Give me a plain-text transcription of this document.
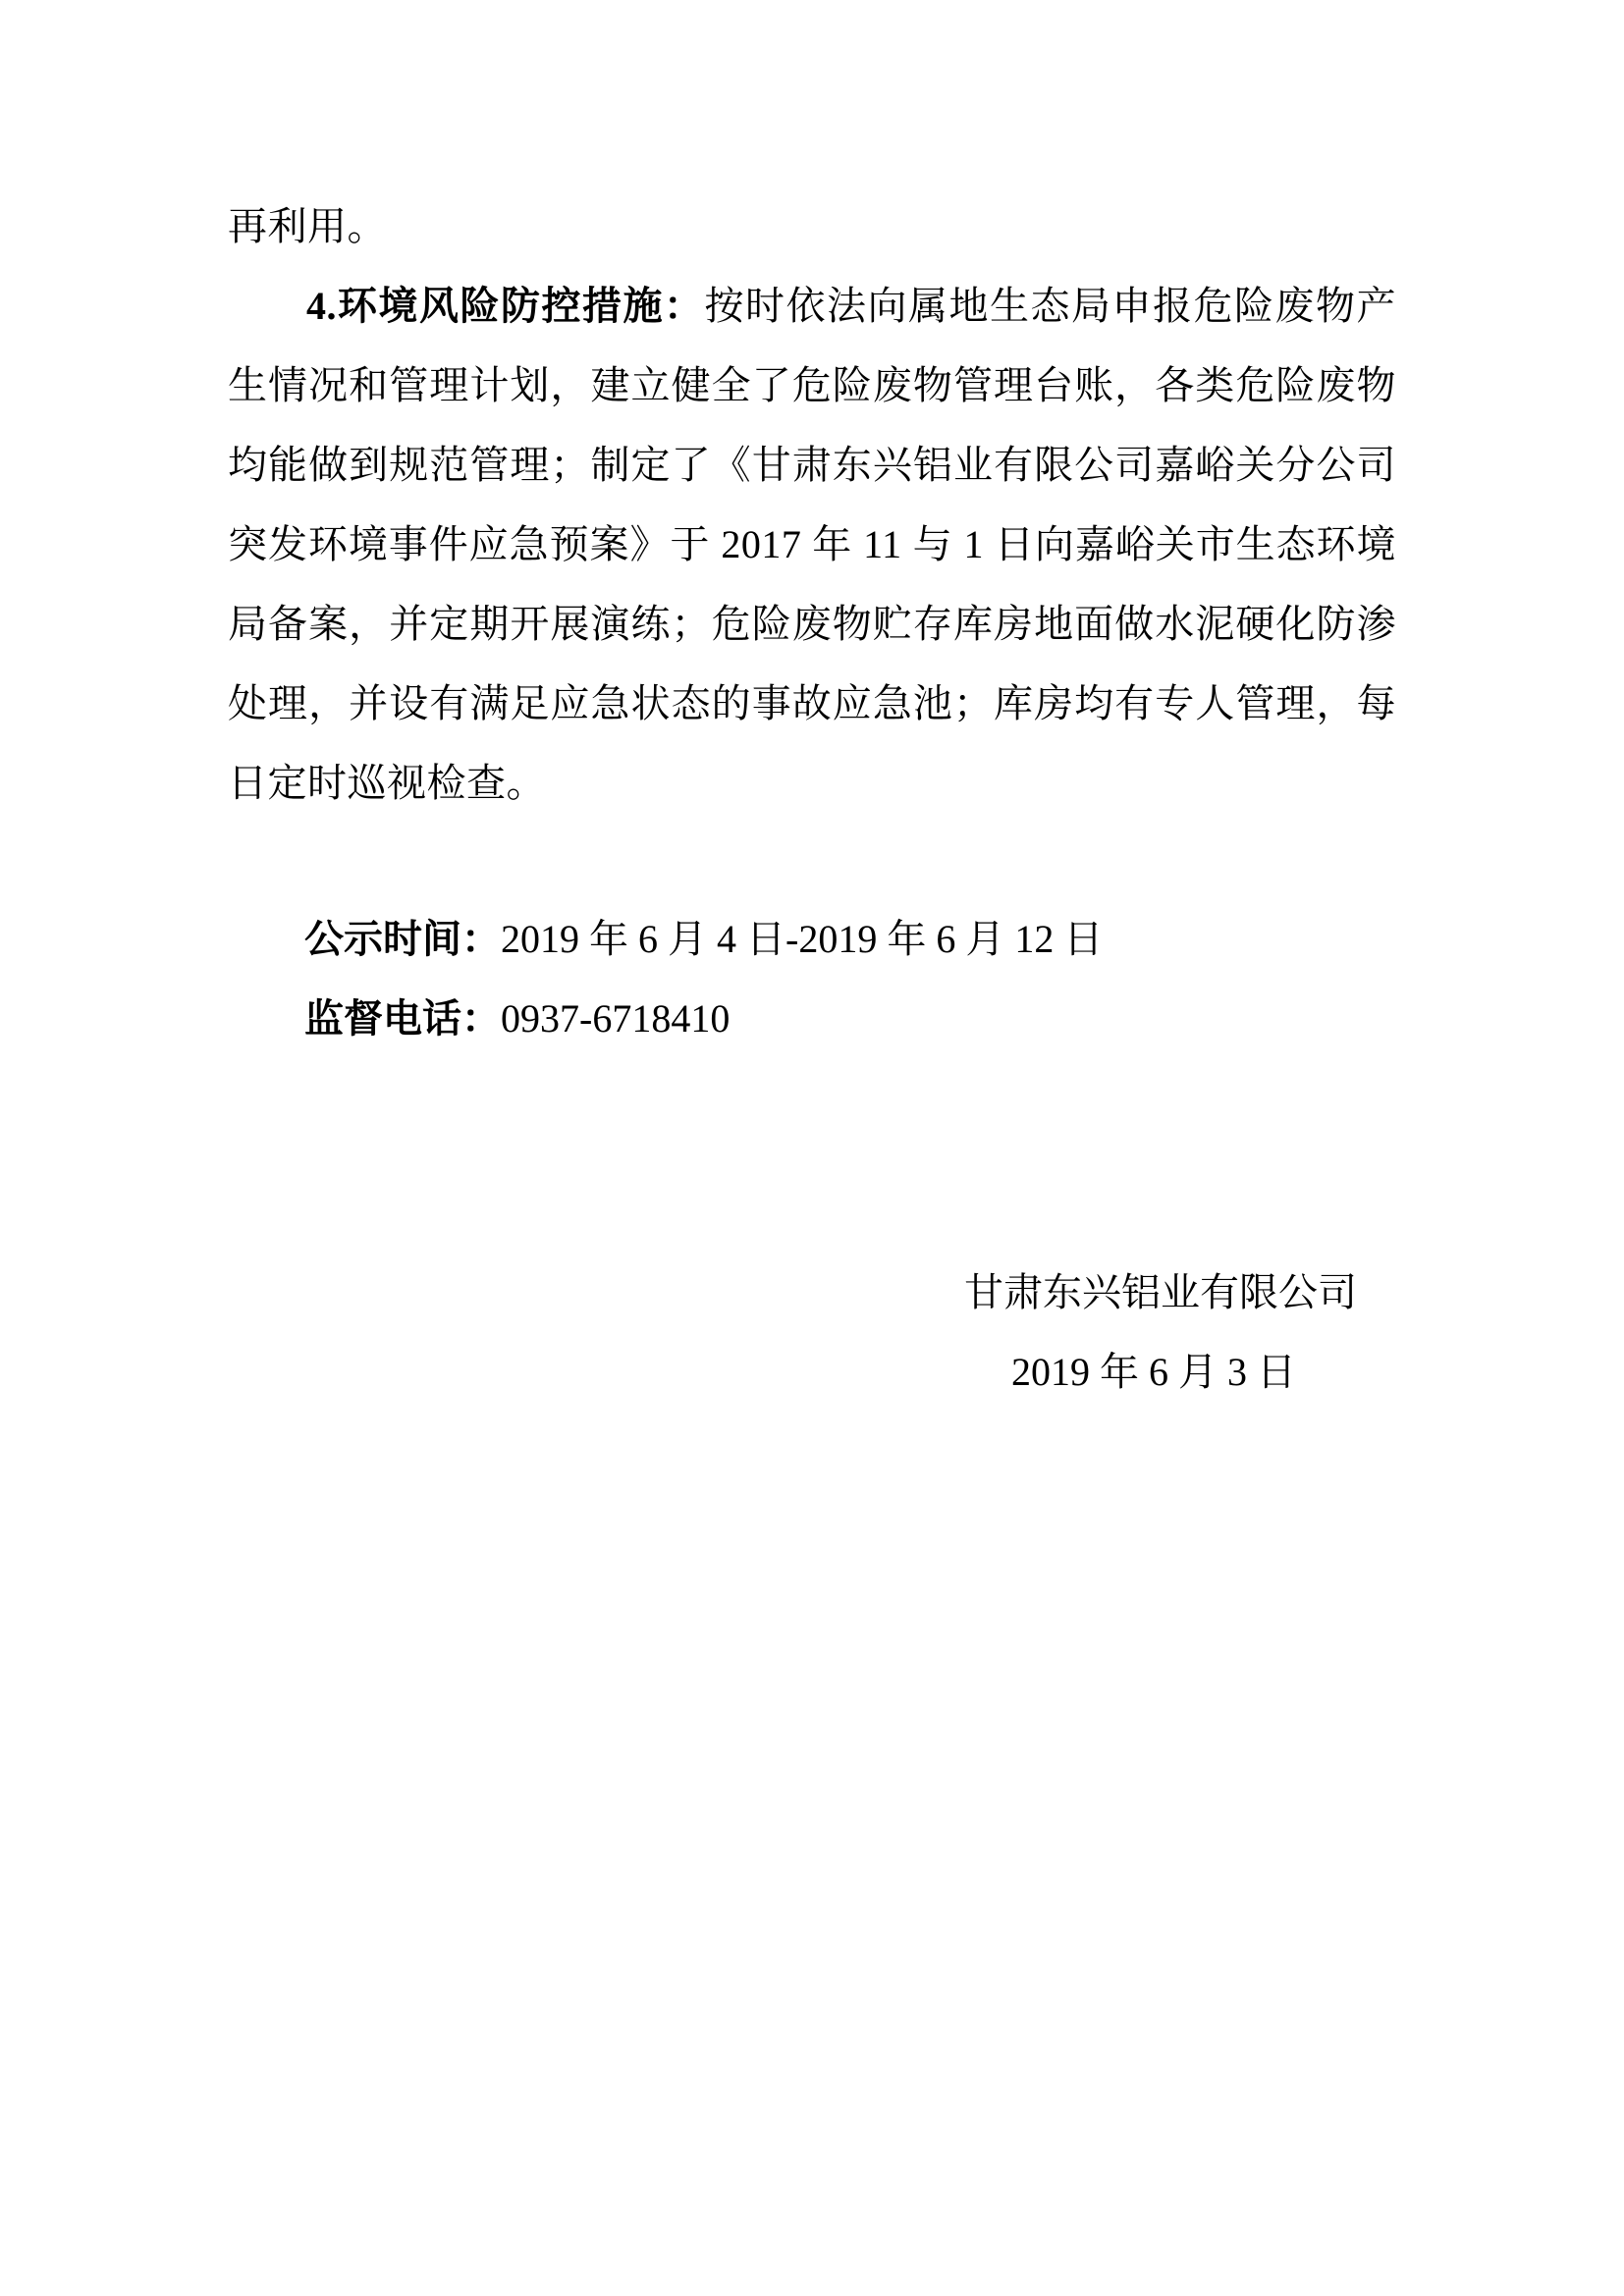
再利用。

4.环境风险防控措施：按时依法向属地生态局申报危险废物产生情况和管理计划，建立健全了危险废物管理台账，各类危险废物均能做到规范管理；制定了《甘肃东兴铝业有限公司嘉峪关分公司突发环境事件应急预案》于 2017 年 11 与 1 日向嘉峪关市生态环境局备案，并定期开展演练；危险废物贮存库房地面做水泥硬化防渗处理，并设有满足应急状态的事故应急池；库房均有专人管理，每日定时巡视检查。

公示时间：2019 年 6 月 4 日-2019 年 6 月 12 日

监督电话：0937-6718410

甘肃东兴铝业有限公司

2019 年 6 月 3 日
